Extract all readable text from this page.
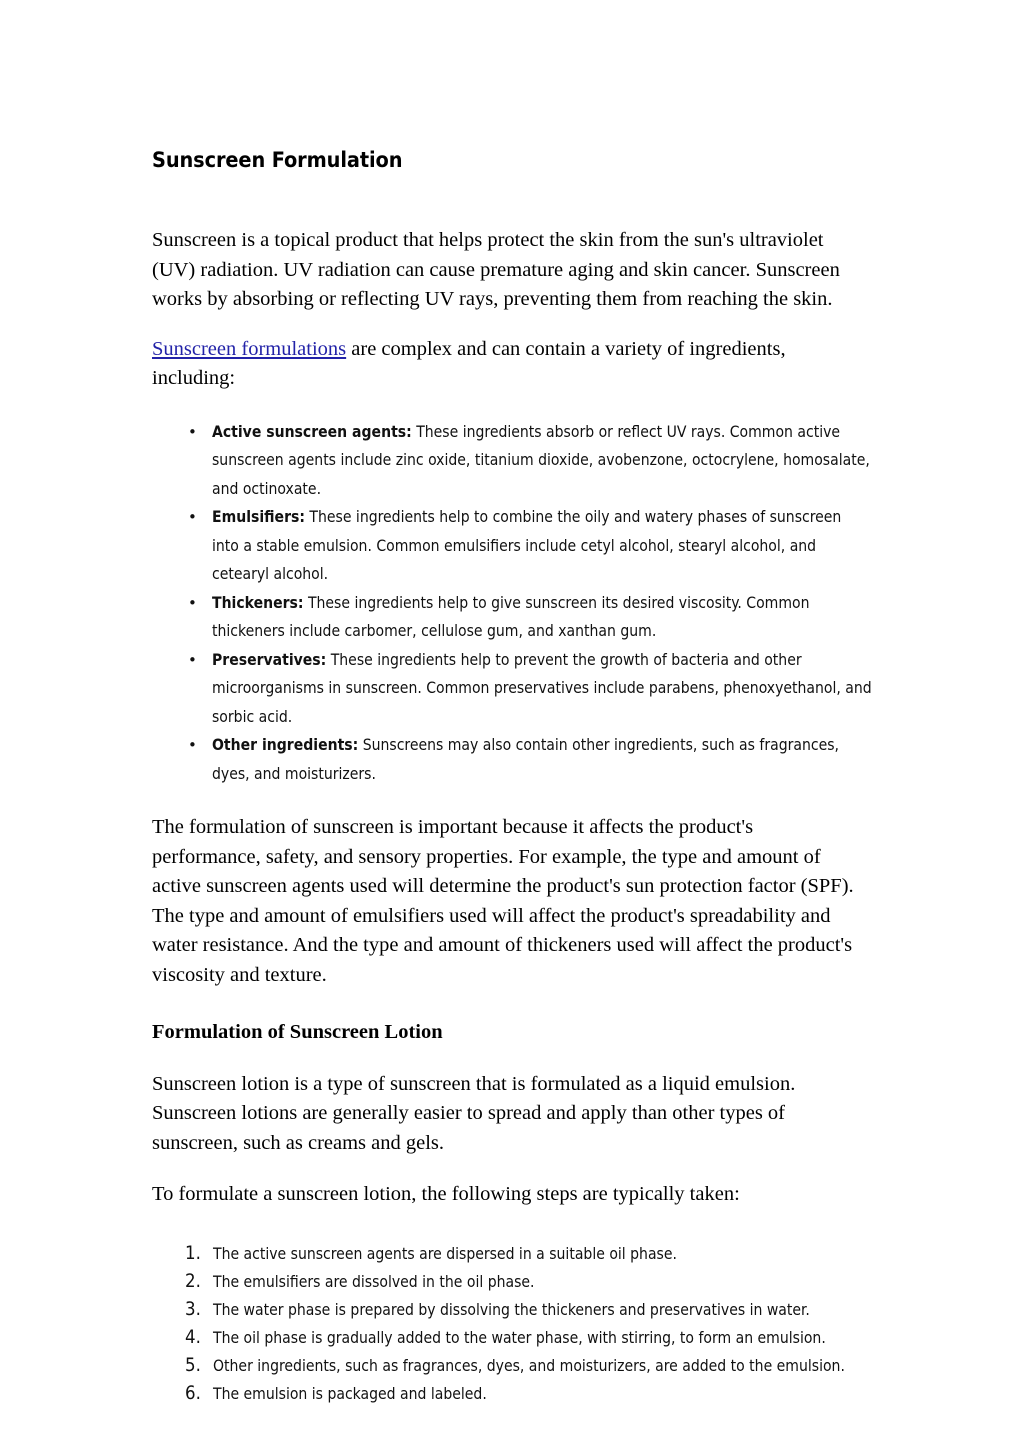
Sunscreen Formulation

Sunscreen is a topical product that helps protect the skin from the sun's ultraviolet (UV) radiation. UV radiation can cause premature aging and skin cancer. Sunscreen works by absorbing or reflecting UV rays, preventing them from reaching the skin.

Sunscreen formulations are complex and can contain a variety of ingredients, including:

• Active sunscreen agents: These ingredients absorb or reflect UV rays. Common active sunscreen agents include zinc oxide, titanium dioxide, avobenzone, octocrylene, homosalate, and octinoxate.
• Emulsifiers: These ingredients help to combine the oily and watery phases of sunscreen into a stable emulsion. Common emulsifiers include cetyl alcohol, stearyl alcohol, and cetearyl alcohol.
• Thickeners: These ingredients help to give sunscreen its desired viscosity. Common thickeners include carbomer, cellulose gum, and xanthan gum.
• Preservatives: These ingredients help to prevent the growth of bacteria and other microorganisms in sunscreen. Common preservatives include parabens, phenoxyethanol, and sorbic acid.
• Other ingredients: Sunscreens may also contain other ingredients, such as fragrances, dyes, and moisturizers.

The formulation of sunscreen is important because it affects the product's performance, safety, and sensory properties. For example, the type and amount of active sunscreen agents used will determine the product's sun protection factor (SPF). The type and amount of emulsifiers used will affect the product's spreadability and water resistance. And the type and amount of thickeners used will affect the product's viscosity and texture.

Formulation of Sunscreen Lotion

Sunscreen lotion is a type of sunscreen that is formulated as a liquid emulsion. Sunscreen lotions are generally easier to spread and apply than other types of sunscreen, such as creams and gels.

To formulate a sunscreen lotion, the following steps are typically taken:

1. The active sunscreen agents are dispersed in a suitable oil phase.
2. The emulsifiers are dissolved in the oil phase.
3. The water phase is prepared by dissolving the thickeners and preservatives in water.
4. The oil phase is gradually added to the water phase, with stirring, to form an emulsion.
5. Other ingredients, such as fragrances, dyes, and moisturizers, are added to the emulsion.
6. The emulsion is packaged and labeled.
